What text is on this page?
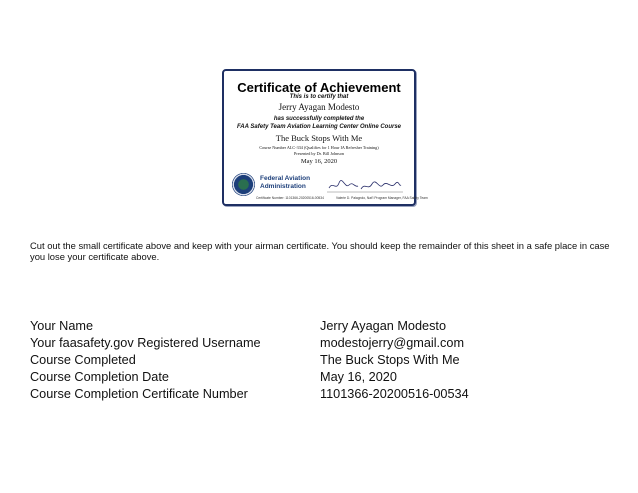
Certificate of Achievement
This is to certify that
Jerry Ayagan Modesto
has successfully completed the
FAA Safety Team Aviation Learning Center Online Course
The Buck Stops With Me
Course Number ALC-334 (Qualifies for 1 Hour IA Refresher Training)
Presented by Dr. Bill Johnson
May 16, 2020
Federal Aviation
Administration
Certificate Number: 1101366-20200516-00534	Valerie D. Palagrolo, Nat'l Program Manager, FAA Safety Team
Cut out the small certificate above and keep with your airman certificate. You should keep the remainder of this sheet in a safe place in case you lose your certificate above.
Your Name	Jerry Ayagan Modesto
Your faasafety.gov Registered Username	modestojerry@gmail.com
Course Completed	The Buck Stops With Me
Course Completion Date	May 16, 2020
Course Completion Certificate Number	1101366-20200516-00534
